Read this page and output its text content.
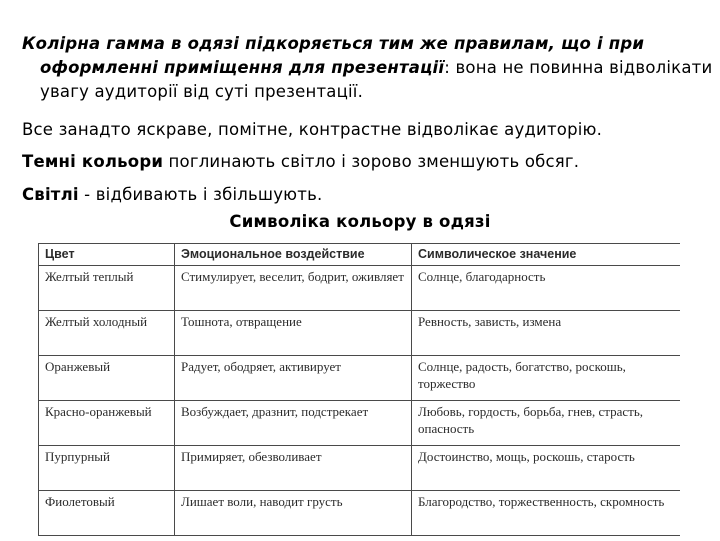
Колірна гамма в одязі підкоряється тим же правилам, що і при оформленні приміщення для презентації: вона не повинна відволікати увагу аудиторії від суті презентації.
Все занадто яскраве, помітне, контрастне відволікає аудиторію.
Темні кольори поглинають світло і зорово зменшують обсяг.
Світлі - відбивають і збільшують.
Символіка кольору в одязі
Цвет	Эмоциональное воздействие	Символическое значение
Желтый теплый	Стимулирует, веселит, бодрит, оживляет	Солнце, благодарность
Желтый холодный	Тошнота, отвращение	Ревность, зависть, измена
Оранжевый	Радует, ободряет, активирует	Солнце, радость, богатство, роскошь, торжество
Красно-оранжевый	Возбуждает, дразнит, подстрекает	Любовь, гордость, борьба, гнев, страсть, опасность
Пурпурный	Примиряет, обезволивает	Достоинство, мощь, роскошь, старость
Фиолетовый	Лишает воли, наводит грусть	Благородство, торжественность, скромность
